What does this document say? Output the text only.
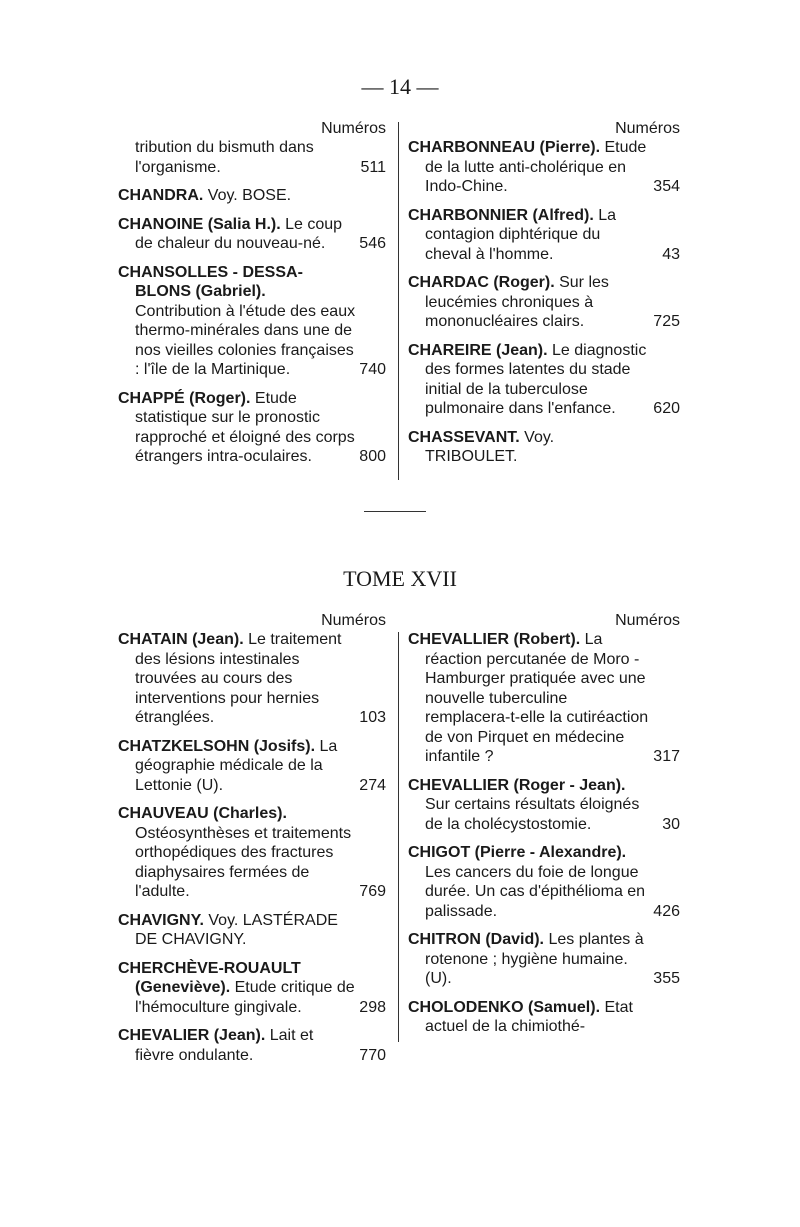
— 14 —
Numéros

tribution du bismuth dans l'organisme.	511

CHANDRA. Voy. BOSE.

CHANOINE (Salia H.). Le coup de chaleur du nouveau-né.	546

CHANSOLLES - DESSA-BLONS (Gabriel). Contribution à l'étude des eaux thermo-minérales dans une de nos vieilles colonies françaises : l'île de la Martinique.	740

CHAPPÉ (Roger). Etude statistique sur le pronostic rapproché et éloigné des corps étrangers intra-oculaires.	800
Numéros

CHARBONNEAU (Pierre). Etude de la lutte anti-cholérique en Indo-Chine.	354

CHARBONNIER (Alfred). La contagion diphtérique du cheval à l'homme.	43

CHARDAC (Roger). Sur les leucémies chroniques à mononucléaires clairs.	725

CHAREIRE (Jean). Le diagnostic des formes latentes du stade initial de la tuberculose pulmonaire dans l'enfance.	620

CHASSEVANT. Voy. TRIBOULET.

TOME XVII
Numéros

CHATAIN (Jean). Le traitement des lésions intestinales trouvées au cours des interventions pour hernies étranglées.	103

CHATZKELSOHN (Josifs). La géographie médicale de la Lettonie (U).	274

CHAUVEAU (Charles). Ostéosynthèses et traitements orthopédiques des fractures diaphysaires fermées de l'adulte.	769

CHAVIGNY. Voy. LASTÉRADE DE CHAVIGNY.

CHERCHÈVE-ROUAULT (Geneviève). Etude critique de l'hémoculture gingivale.	298

CHEVALIER (Jean). Lait et fièvre ondulante.	770
Numéros

CHEVALLIER (Robert). La réaction percutanée de Moro - Hamburger pratiquée avec une nouvelle tuberculine remplacera-t-elle la cutiréaction de von Pirquet en médecine infantile ?	317

CHEVALLIER (Roger - Jean). Sur certains résultats éloignés de la cholécystostomie.	30

CHIGOT (Pierre - Alexandre). Les cancers du foie de longue durée. Un cas d'épithélioma en palissade.	426

CHITRON (David). Les plantes à rotenone ; hygiène humaine. (U).	355

CHOLODENKO (Samuel). Etat actuel de la chimiothé-
